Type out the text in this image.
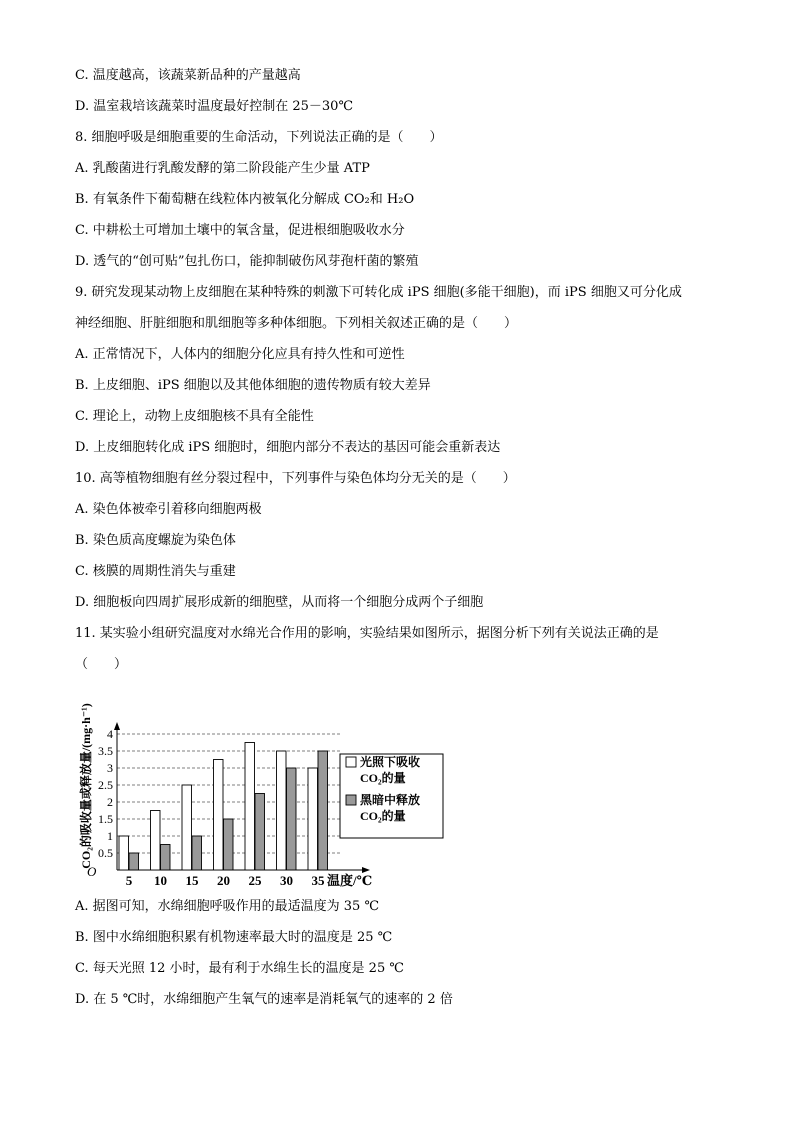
C. 温度越高，该蔬菜新品种的产量越高
D. 温室栽培该蔬菜时温度最好控制在 25－30℃
8. 细胞呼吸是细胞重要的生命活动，下列说法正确的是（　　）
A. 乳酸菌进行乳酸发酵的第二阶段能产生少量 ATP
B. 有氧条件下葡萄糖在线粒体内被氧化分解成 CO₂和 H₂O
C. 中耕松土可增加土壤中的氧含量，促进根细胞吸收水分
D. 透气的“创可贴”包扎伤口，能抑制破伤风芽孢杆菌的繁殖
9. 研究发现某动物上皮细胞在某种特殊的刺激下可转化成 iPS 细胞(多能干细胞)，而 iPS 细胞又可分化成
神经细胞、肝脏细胞和肌细胞等多种体细胞。下列相关叙述正确的是（　　）
A. 正常情况下，人体内的细胞分化应具有持久性和可逆性
B. 上皮细胞、iPS 细胞以及其他体细胞的遗传物质有较大差异
C. 理论上，动物上皮细胞核不具有全能性
D. 上皮细胞转化成 iPS 细胞时，细胞内部分不表达的基因可能会重新表达
10. 高等植物细胞有丝分裂过程中，下列事件与染色体均分无关的是（　　）
A. 染色体被牵引着移向细胞两极
B. 染色质高度螺旋为染色体
C. 核膜的周期性消失与重建
D. 细胞板向四周扩展形成新的细胞壁，从而将一个细胞分成两个子细胞
11. 某实验小组研究温度对水绵光合作用的影响，实验结果如图所示，据图分析下列有关说法正确的是
（　　）
A. 据图可知，水绵细胞呼吸作用的最适温度为 35 ℃
B. 图中水绵细胞积累有机物速率最大时的温度是 25 ℃
C. 每天光照 12 小时，最有利于水绵生长的温度是 25 ℃
D. 在 5 ℃时，水绵细胞产生氧气的速率是消耗氧气的速率的 2 倍
0.5
1
1.5
2
2.5
3
3.5
4
O
5 10 15 20 25 30 35 温度/℃
CO₂的吸收量或释放量/(mg·h⁻¹)	光照下吸收
CO₂的量
黑暗中释放
CO₂的量
